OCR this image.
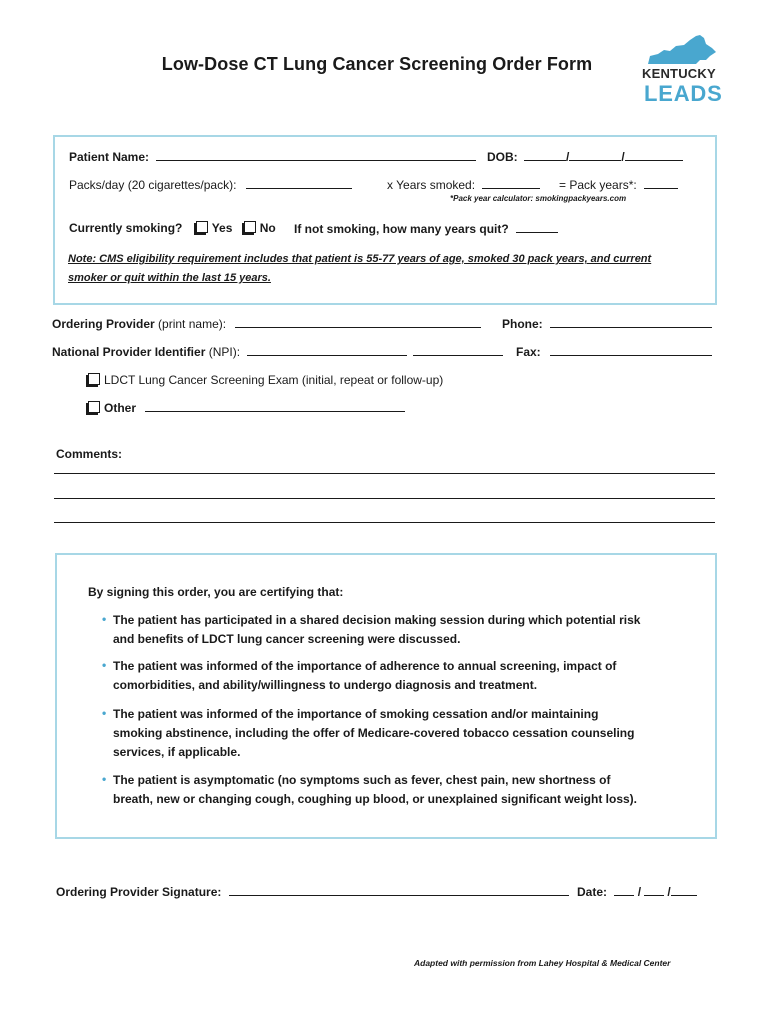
Low-Dose CT Lung Cancer Screening Order Form	KENTUCKY
LEADS
Patient Name:	DOB:	/	/
Packs/day (20 cigarettes/pack):	x Years smoked:	= Pack years*:
*Pack year calculator: smokingpackyears.com
Currently smoking? Yes No If not smoking, how many years quit?
Note: CMS eligibility requirement includes that patient is 55-77 years of age, smoked 30 pack years, and current
smoker or quit within the last 15 years.
Ordering Provider (print name):	Phone:
National Provider Identifier (NPI):	Fax:
LDCT Lung Cancer Screening Exam (initial, repeat or follow-up)
Other
Comments:
By signing this order, you are certifying that:
• The patient has participated in a shared decision making session during which potential risk
and benefits of LDCT lung cancer screening were discussed.
• The patient was informed of the importance of adherence to annual screening, impact of
comorbidities, and ability/willingness to undergo diagnosis and treatment.
• The patient was informed of the importance of smoking cessation and/or maintaining
smoking abstinence, including the offer of Medicare-covered tobacco cessation counseling
services, if applicable.
• The patient is asymptomatic (no symptoms such as fever, chest pain, new shortness of
breath, new or changing cough, coughing up blood, or unexplained significant weight loss).
Ordering Provider Signature:	Date:  / /
Adapted with permission from Lahey Hospital & Medical Center
